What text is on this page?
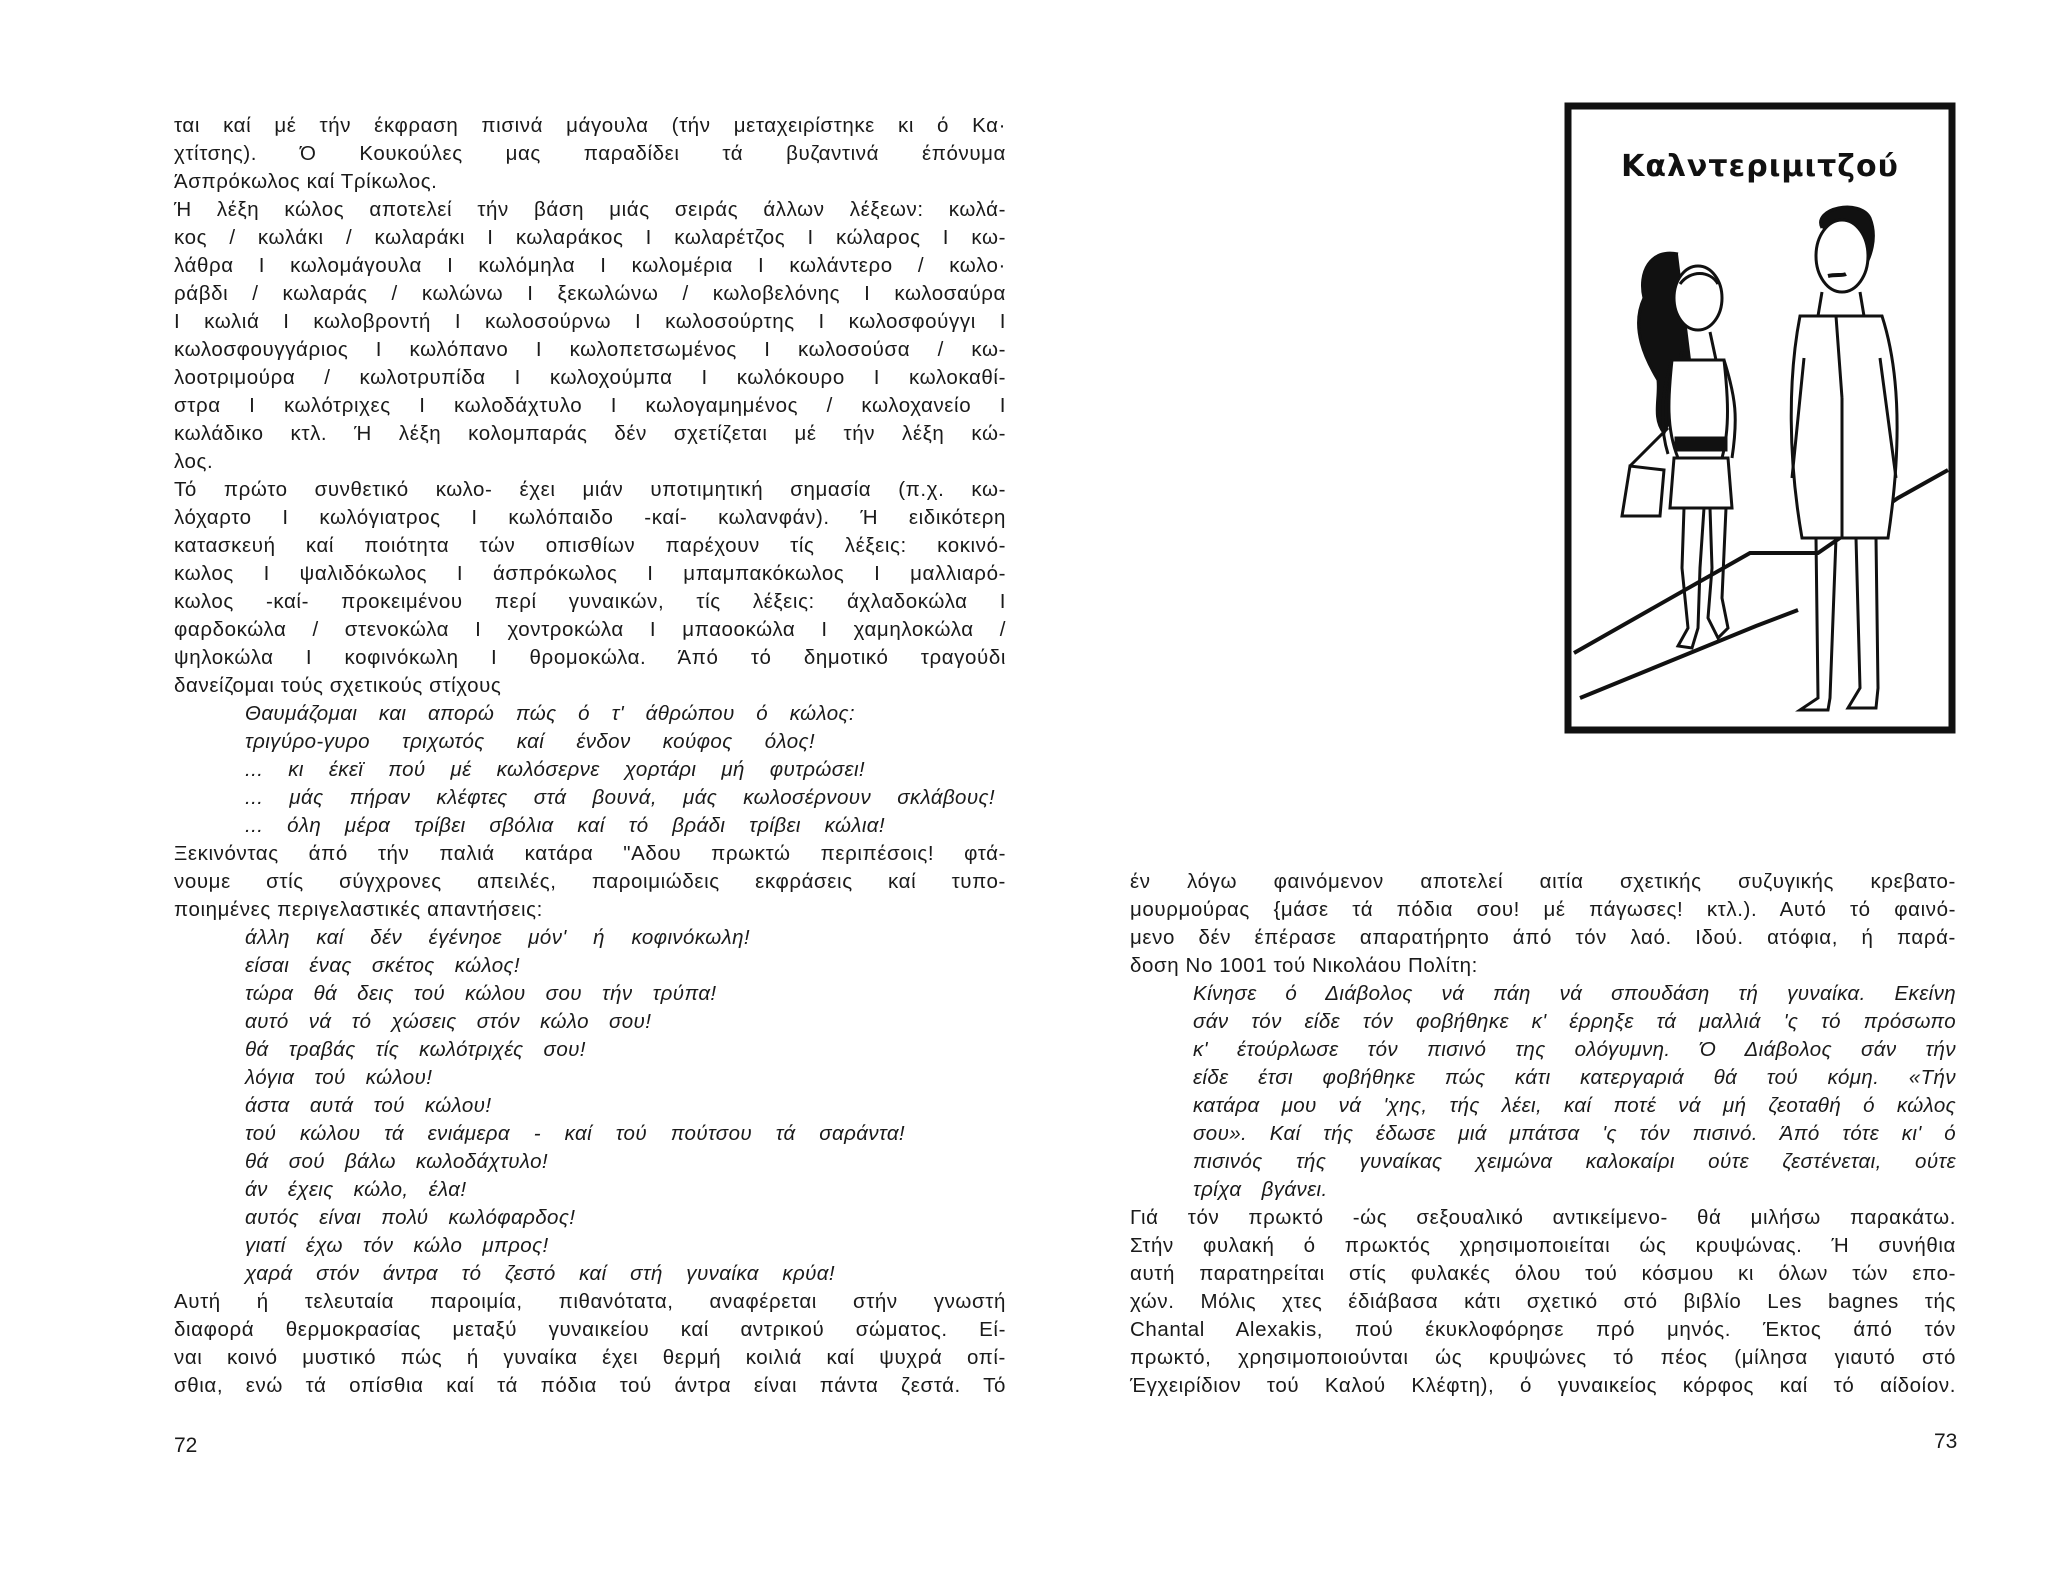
ται καί μέ τήν έκφραση πισινά μάγουλα (τήν μεταχειρίστηκε κι ό Κα·
χτίτσης). Ό Κουκούλες μας παραδίδει τά βυζαντινά έπόνυμα
Άσπρόκωλος καί Τρίκωλος.
Ή λέξη κώλος αποτελεί τήν βάση μιάς σειράς άλλων λέξεων: κωλά-
κος / κωλάκι / κωλαράκι I κωλαράκος I κωλαρέτζος I κώλαρος I κω-
λάθρα I κωλομάγουλα I κωλόμηλα I κωλομέρια I κωλάντερο / κωλο·
ράβδι / κωλαράς / κωλώνω I ξεκωλώνω / κωλοβελόνης I κωλοσαύρα
I κωλιά I κωλοβροντή I κωλοσούρνω I κωλοσούρτης I κωλοσφούγγι I
κωλοσφουγγάριος I κωλόπανο I κωλοπετσωμένος I κωλοσούσα / κω-
λοοτριμούρα / κωλοτρυπίδα I κωλοχούμπα I κωλόκουρο I κωλοκαθί-
στρα I κωλότριχες I κωλοδάχτυλο I κωλογαμημένος / κωλοχανείο I
κωλάδικο κτλ. Ή λέξη κολομπαράς δέν σχετίζεται μέ τήν λέξη κώ-
λος.
Τό πρώτο συνθετικό κωλο- έχει μιάν υποτιμητική σημασία (π.χ. κω-
λόχαρτο I κωλόγιατρος I κωλόπαιδο -καί- κωλανφάν). Ή ειδικότερη
κατασκευή καί ποιότητα τών οπισθίων παρέχουν τίς λέξεις: κοκινό-
κωλος I ψαλιδόκωλος I άσπρόκωλος I μπαμπακόκωλος I μαλλιαρό-
κωλος -καί- προκειμένου περί γυναικών, τίς λέξεις: άχλαδοκώλα I
φαρδοκώλα / στενοκώλα I χοντροκώλα I μπαοοκώλα I χαμηλοκώλα /
ψηλοκώλα I κοφινόκωλη I θρομοκώλα. Άπό τό δημοτικό τραγούδι
δανείζομαι τούς σχετικούς στίχους
Θαυμάζομαι και απορώ πώς ό τ' άθρώπου ό κώλος:
τριγύρο-γυρο τριχωτός καί ένδον κούφος όλος!
... κι έκεϊ πού μέ κωλόσερνε χορτάρι μή φυτρώσει!
... μάς πήραν κλέφτες στά βουνά, μάς κωλοσέρνουν σκλάβους!
... όλη μέρα τρίβει σβόλια καί τό βράδι τρίβει κώλια!
Ξεκινόντας άπό τήν παλιά κατάρα "Αδου πρωκτώ περιπέσοις! φτά-
νουμε στίς σύγχρονες απειλές, παροιμιώδεις εκφράσεις καί τυπο-
ποιημένες περιγελαστικές απαντήσεις:
άλλη καί δέν έγένηοε μόν' ή κοφινόκωλη!
είσαι ένας σκέτος κώλος!
τώρα θά δεις τού κώλου σου τήν τρύπα!
αυτό νά τό χώσεις στόν κώλο σου!
θά τραβάς τίς κωλότριχές σου!
λόγια τού κώλου!
άστα αυτά τού κώλου!
τού κώλου τά ενιάμερα - καί τού πούτσου τά σαράντα!
θά σού βάλω κωλοδάχτυλο!
άν έχεις κώλο, έλα!
αυτός είναι πολύ κωλόφαρδος!
γιατί έχω τόν κώλο μπρος!
χαρά στόν άντρα τό ζεστό καί στή γυναίκα κρύα!
Αυτή ή τελευταία παροιμία, πιθανότατα, αναφέρεται στήν γνωστή
διαφορά θερμοκρασίας μεταξύ γυναικείου καί αντρικού σώματος. Εί-
ναι κοινό μυστικό πώς ή γυναίκα έχει θερμή κοιλιά καί ψυχρά οπί-
σθια, ενώ τά οπίσθια καί τά πόδια τού άντρα είναι πάντα ζεστά. Τό
72
έν λόγω φαινόμενον αποτελεί αιτία σχετικής συζυγικής κρεβατο-
μουρμούρας {μάσε τά πόδια σου! μέ πάγωσες! κτλ.). Αυτό τό φαινό-
μενο δέν έπέρασε απαρατήρητο άπό τόν λαό. Ιδού. ατόφια, ή παρά-
δοση Νο 1001 τού Νικολάου Πολίτη:
Κίνησε ό Διάβολος νά πάη νά σπουδάση τή γυναίκα. Εκείνη
σάν τόν είδε τόν φοβήθηκε κ' έρρηξε τά μαλλιά 'ς τό πρόσωπο
κ' έτούρλωσε τόν πισινό της ολόγυμνη. Ό Διάβολος σάν τήν
είδε έτσι φοβήθηκε πώς κάτι κατεργαριά θά τού κόμη. «Τήν
κατάρα μου νά 'χης, τής λέει, καί ποτέ νά μή ζεοταθή ό κώλος
σου». Καί τής έδωσε μιά μπάτσα 'ς τόν πισινό. Άπό τότε κι' ό
πισινός τής γυναίκας χειμώνα καλοκαίρι ούτε ζεστένεται, ούτε
τρίχα βγάνει.
Γιά τόν πρωκτό -ώς σεξουαλικό αντικείμενο- θά μιλήσω παρακάτω.
Στήν φυλακή ό πρωκτός χρησιμοποιείται ώς κρυψώνας. Ή συνήθια
αυτή παρατηρείται στίς φυλακές όλου τού κόσμου κι όλων τών επο-
χών. Μόλις χτες έδιάβασα κάτι σχετικό στό βιβλίο Les bagnes τής
Chantal Alexakis, πού έκυκλοφόρησε πρό μηνός. Έκτος άπό τόν
πρωκτό, χρησιμοποιούνται ώς κρυψώνες τό πέος (μίλησα γιαυτό στό
Έγχειρίδιον τού Καλού Κλέφτη), ό γυναικείος κόρφος καί τό αίδοίον.
73
Καλντεριμιτζού
